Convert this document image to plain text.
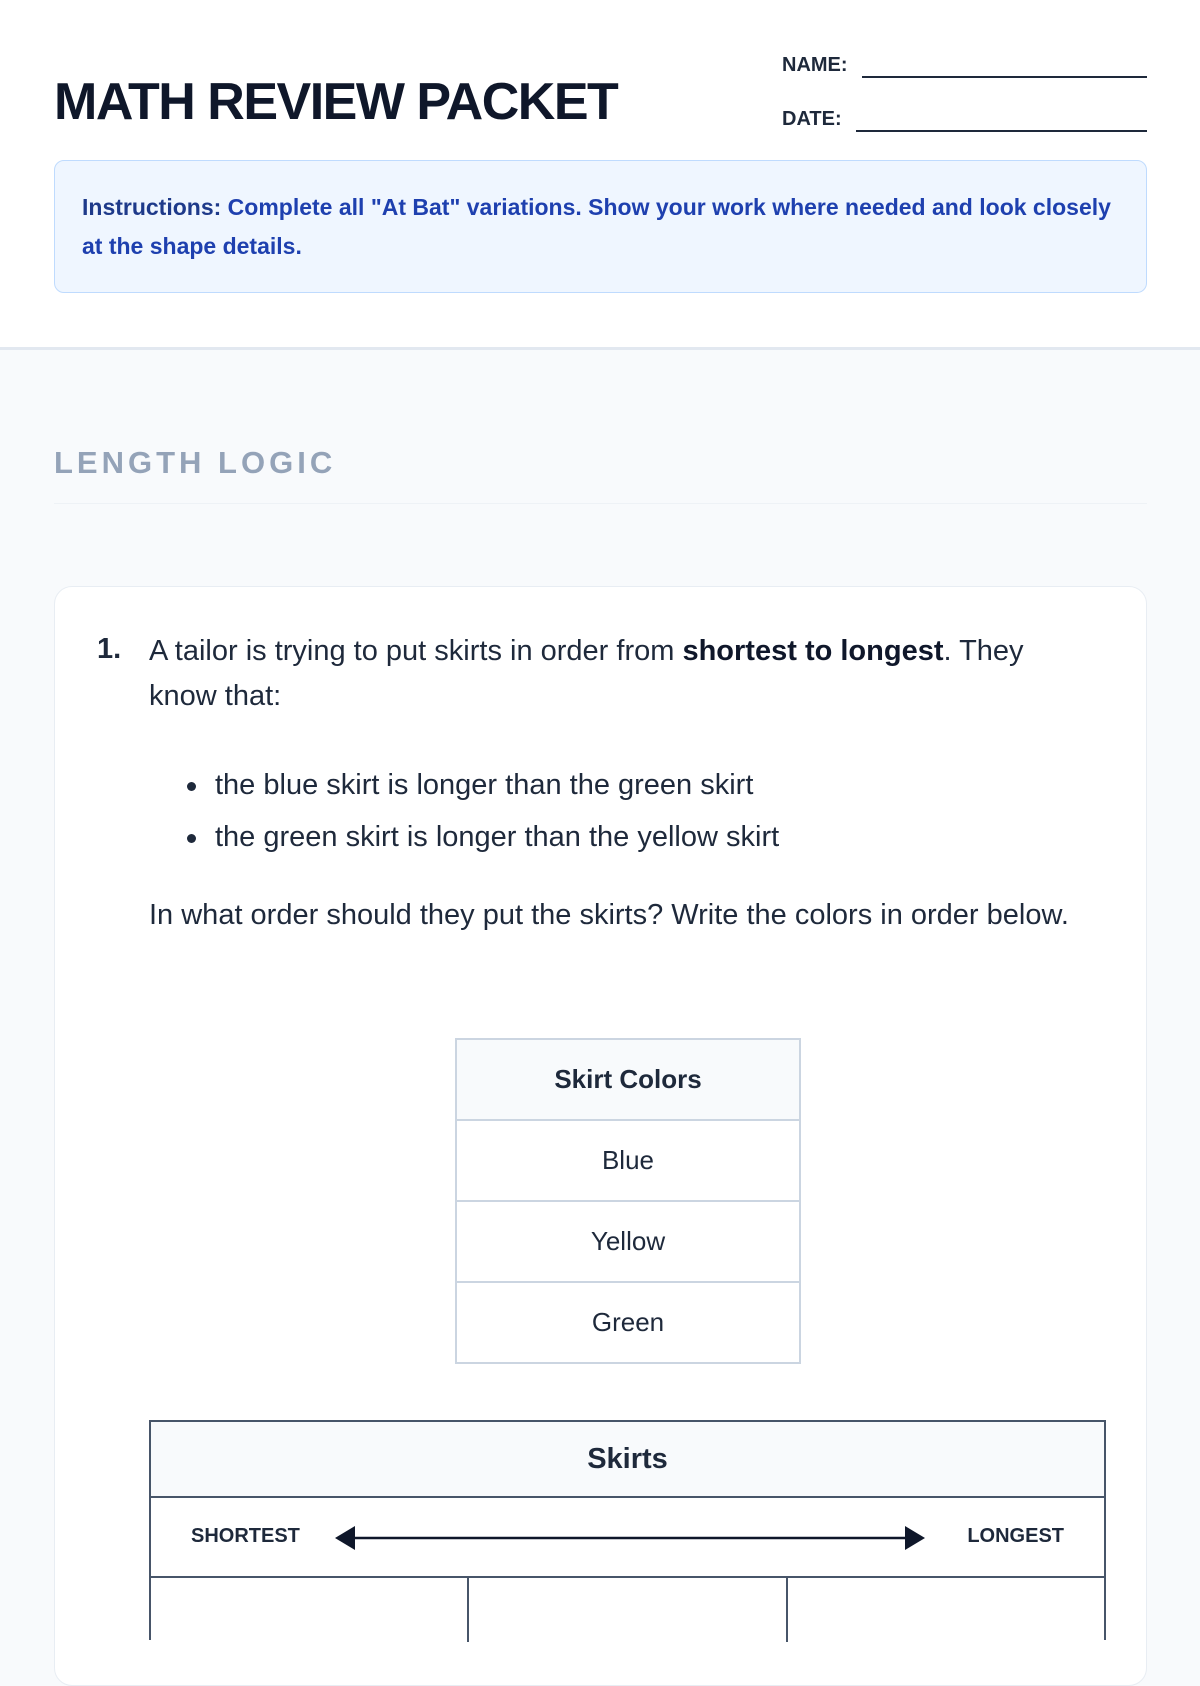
MATH REVIEW PACKET
NAME:
DATE:
Instructions: Complete all "At Bat" variations. Show your work where needed and look closely at the shape details.
LENGTH LOGIC
1. A tailor is trying to put skirts in order from shortest to longest. They know that:

the blue skirt is longer than the green skirt
the green skirt is longer than the yellow skirt

In what order should they put the skirts? Write the colors in order below.

Skirt Colors
Blue
Yellow
Green
Skirts
SHORTEST	LONGEST
